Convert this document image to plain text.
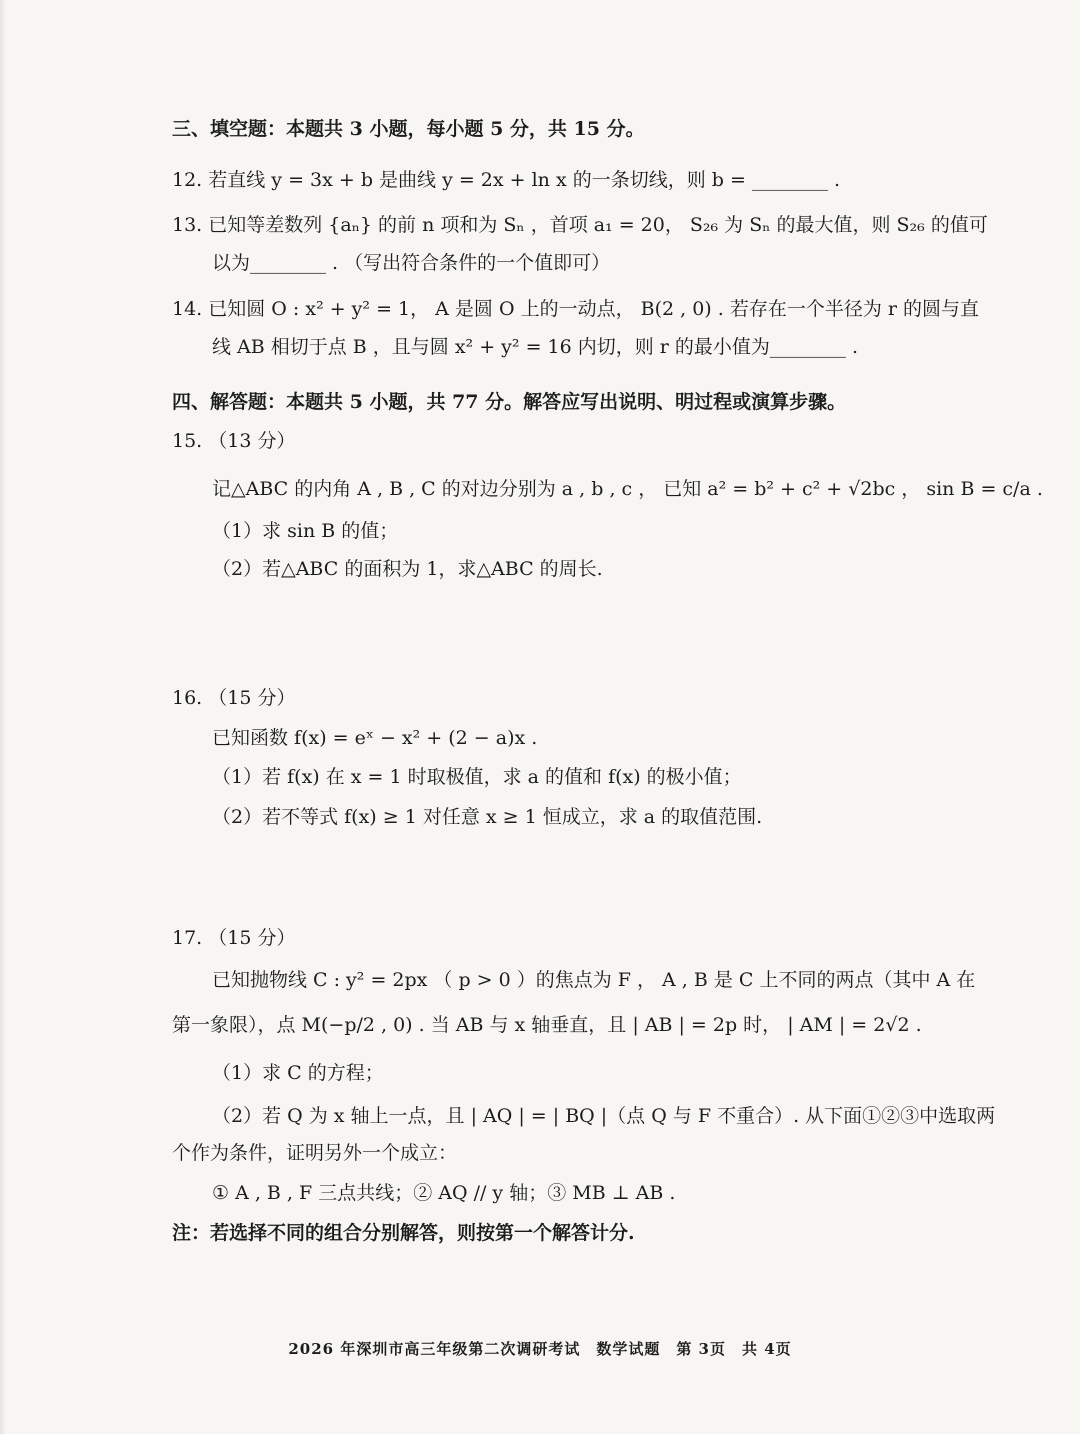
三、填空题：本题共 3 小题，每小题 5 分，共 15 分。
12. 若直线 y = 3x + b 是曲线 y = 2x + ln x 的一条切线，则 b = ________ .
13. 已知等差数列 {aₙ} 的前 n 项和为 Sₙ ，首项 a₁ = 20， S₂₆ 为 Sₙ 的最大值，则 S₂₆ 的值可
以为________ . （写出符合条件的一个值即可）
14. 已知圆 O : x² + y² = 1， A 是圆 O 上的一动点， B(2 , 0) . 若存在一个半径为 r 的圆与直
线 AB 相切于点 B ，且与圆 x² + y² = 16 内切，则 r 的最小值为________ .
四、解答题：本题共 5 小题，共 77 分。解答应写出说明、明过程或演算步骤。
15. （13 分）
记△ABC 的内角 A , B , C 的对边分别为 a , b , c ， 已知 a² = b² + c² + √2bc ， sin B = c/a .
（1）求 sin B 的值；
（2）若△ABC 的面积为 1，求△ABC 的周长.
16. （15 分）
已知函数 f(x) = eˣ − x² + (2 − a)x .
（1）若 f(x) 在 x = 1 时取极值，求 a 的值和 f(x) 的极小值；
（2）若不等式 f(x) ≥ 1 对任意 x ≥ 1 恒成立，求 a 的取值范围.
17. （15 分）
已知抛物线 C : y² = 2px （ p > 0 ）的焦点为 F ， A , B 是 C 上不同的两点（其中 A 在
第一象限），点 M(−p/2 , 0) . 当 AB 与 x 轴垂直，且 | AB | = 2p 时， | AM | = 2√2 .
（1）求 C 的方程；
（2）若 Q 为 x 轴上一点，且 | AQ | = | BQ |（点 Q 与 F 不重合）. 从下面①②③中选取两
个作为条件，证明另外一个成立：
① A , B , F 三点共线；② AQ // y 轴；③ MB ⊥ AB .
注：若选择不同的组合分别解答，则按第一个解答计分.
2026 年深圳市高三年级第二次调研考试　数学试题　第 3页　共 4页
